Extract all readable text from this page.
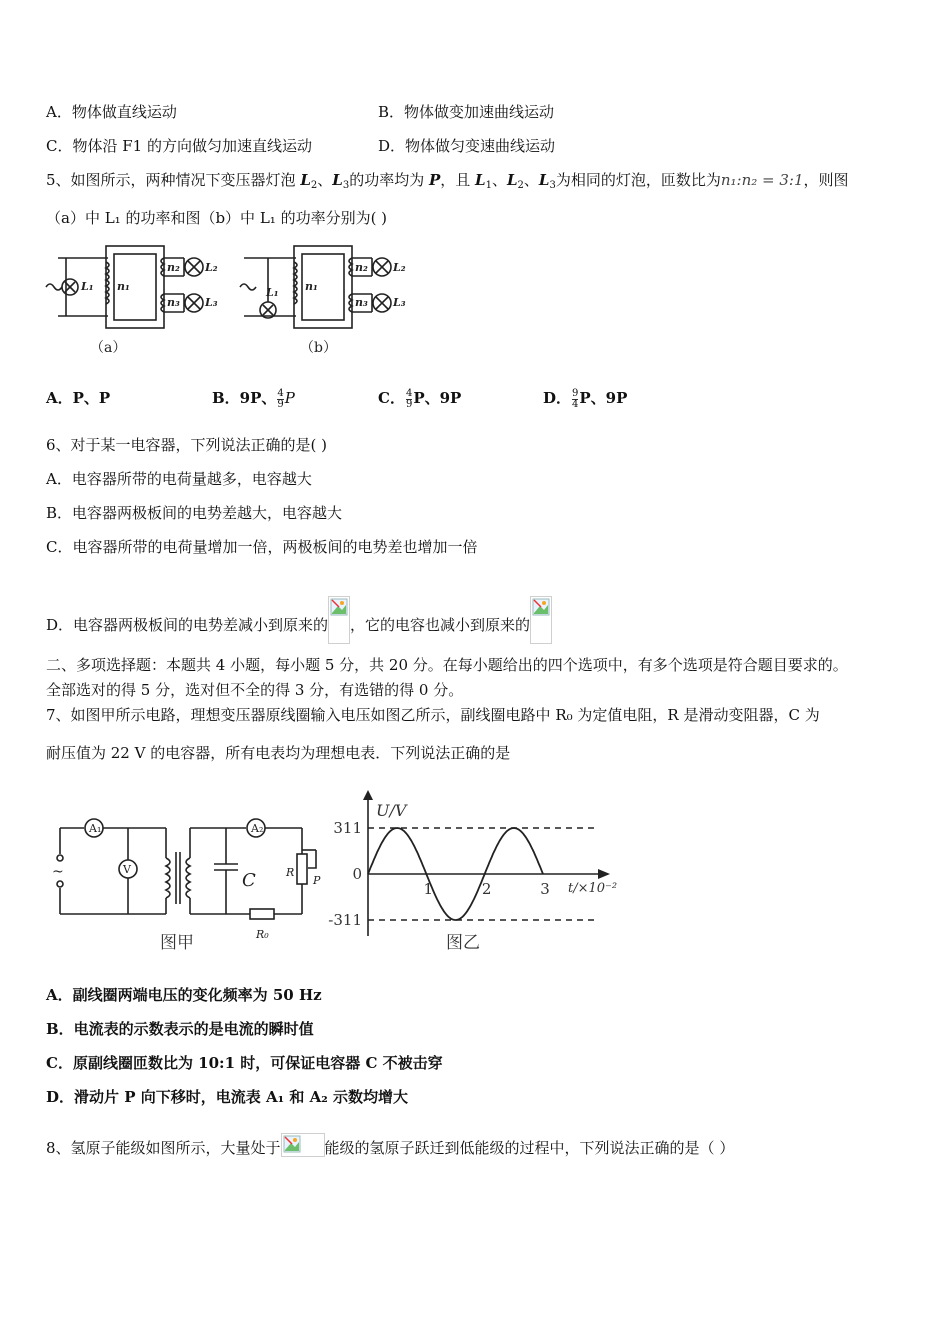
A．物体做直线运动	B．物体做变加速曲线运动
C．物体沿 F1 的方向做匀加速直线运动	D．物体做匀变速曲线运动
5、如图所示，两种情况下变压器灯泡 $L_2$、$L_3$的功率均为 P，且 $L_1$、$L_2$、$L_3$为相同的灯泡，匝数比为n₁:n₂ = 3:1，则图
（a）中 L₁ 的功率和图（b）中 L₁ 的功率分别为( )
L₁ n₁
n₂
n₃
L₂
L₃
L₁ n₁
n₂
n₃
L₂
L₃
（a）	（b）
A．P、P	B．9P、 $\frac{4}{9}$ P	C． $\frac{4}{9}$ P、9P	D． $\frac{9}{4}$ P、9P
6、对于某一电容器，下列说法正确的是( )
A．电容器所带的电荷量越多，电容越大
B．电容器两极板间的电势差越大，电容越大
C．电容器所带的电荷量增加一倍，两极板间的电势差也增加一倍
D．电容器两极板间的电势差减小到原来的 ，它的电容也减小到原来的
二、多项选择题：本题共 4 小题，每小题 5 分，共 20 分。在每小题给出的四个选项中，有多个选项是符合题目要求的。
全部选对的得 5 分，选对但不全的得 3 分，有选错的得 0 分。
7、如图甲所示电路，理想变压器原线圈输入电压如图乙所示，副线圈电路中 R₀ 为定值电阻，R 是滑动变阻器，C 为
耐压值为 22 V 的电容器，所有电表均为理想电表．下列说法正确的是
A₁
V
A₂
R
P
R₀
~	C
图甲
311
0
-311
1	2	3
U/V
t/×10⁻²
图乙
A．副线圈两端电压的变化频率为 50 Hz
B．电流表的示数表示的是电流的瞬时值
C．原副线圈匝数比为 10:1 时，可保证电容器 C 不被击穿
D．滑动片 P 向下移时，电流表 A₁ 和 A₂ 示数均增大
8、氢原子能级如图所示，大量处于	能级的氢原子跃迁到低能级的过程中，下列说法正确的是（ ）
